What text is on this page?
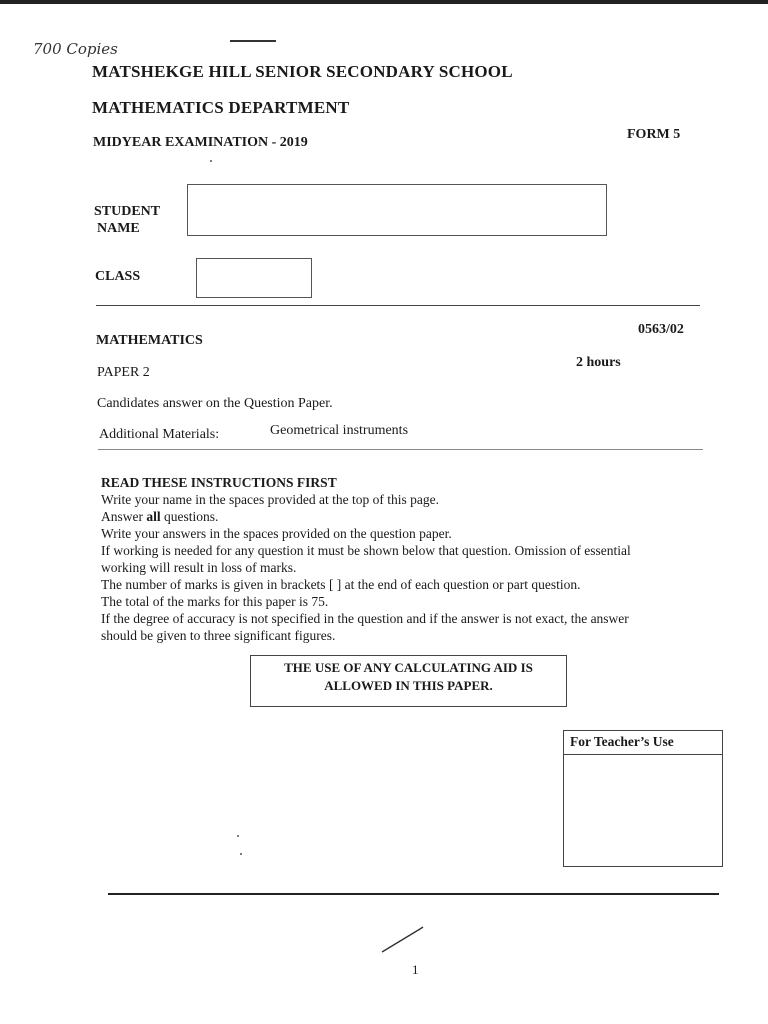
700 Copies
MATSHEKGE HILL SENIOR SECONDARY SCHOOL
MATHEMATICS DEPARTMENT
MIDYEAR EXAMINATION - 2019
FORM 5
STUDENT
NAME
CLASS
MATHEMATICS
0563/02
PAPER 2
2 hours
Candidates answer on the Question Paper.
Additional Materials:	Geometrical instruments
READ THESE INSTRUCTIONS FIRST
Write your name in the spaces provided at the top of this page.
Answer all questions.
Write your answers in the spaces provided on the question paper.
If working is needed for any question it must be shown below that question. Omission of essential
working will result in loss of marks.
The number of marks is given in brackets [ ] at the end of each question or part question.
The total of the marks for this paper is 75.
If the degree of accuracy is not specified in the question and if the answer is not exact, the answer
should be given to three significant figures.
THE USE OF ANY CALCULATING AID IS
ALLOWED IN THIS PAPER.
For Teacher’s Use
1
